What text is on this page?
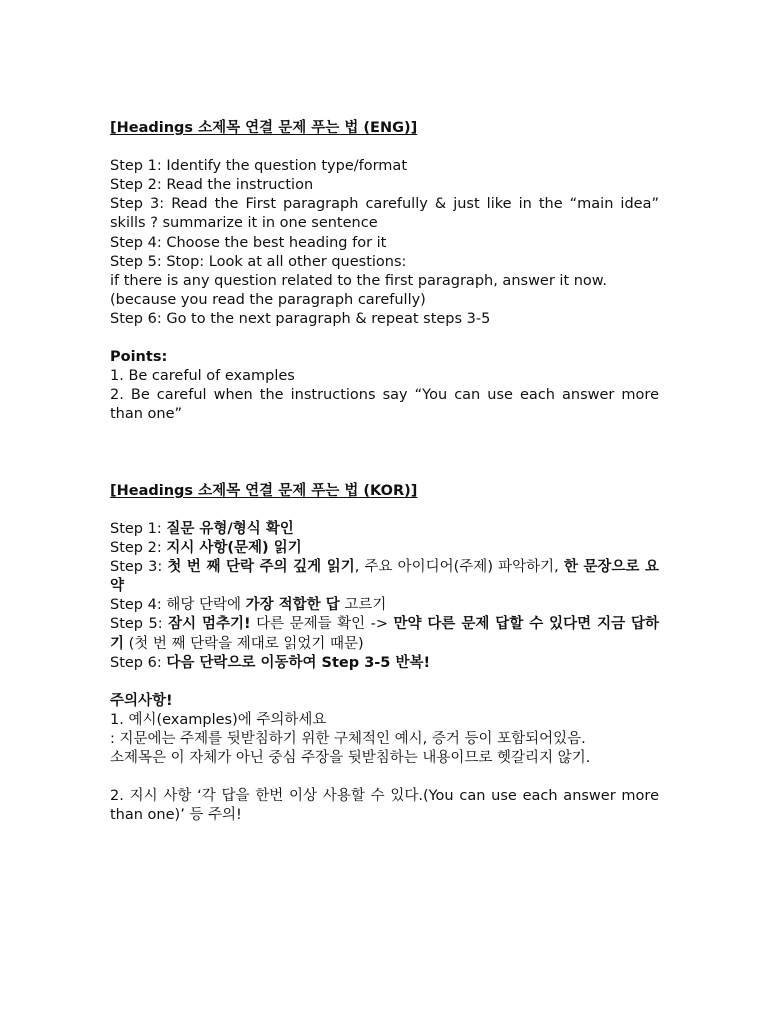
[Headings 소제목 연결 문제 푸는 법 (ENG)]
Step 1: Identify the question type/format
Step 2: Read the instruction
Step 3: Read the First paragraph carefully & just like in the “main idea” skills ? summarize it in one sentence
Step 4: Choose the best heading for it
Step 5: Stop: Look at all other questions:
if there is any question related to the first paragraph, answer it now.
(because you read the paragraph carefully)
Step 6: Go to the next paragraph & repeat steps 3-5
Points:
1. Be careful of examples
2. Be careful when the instructions say “You can use each answer more than one”
[Headings 소제목 연결 문제 푸는 법 (KOR)]
Step 1: 질문 유형/형식 확인
Step 2: 지시 사항(문제) 읽기
Step 3: 첫 번 째 단락 주의 깊게 읽기, 주요 아이디어(주제) 파악하기, 한 문장으로 요약
Step 4: 해당 단락에 가장 적합한 답 고르기
Step 5: 잠시 멈추기! 다른 문제들 확인 -> 만약 다른 문제 답할 수 있다면 지금 답하기 (첫 번 째 단락을 제대로 읽었기 때문)
Step 6: 다음 단락으로 이동하여 Step 3-5 반복!
주의사항!
1. 예시(examples)에 주의하세요
: 지문에는 주제를 뒷받침하기 위한 구체적인 예시, 증거 등이 포함되어있음.
소제목은 이 자체가 아닌 중심 주장을 뒷받침하는 내용이므로 헷갈리지 않기.
2. 지시 사항 ‘각 답을 한번 이상 사용할 수 있다.(You can use each answer more than one)’ 등 주의!
